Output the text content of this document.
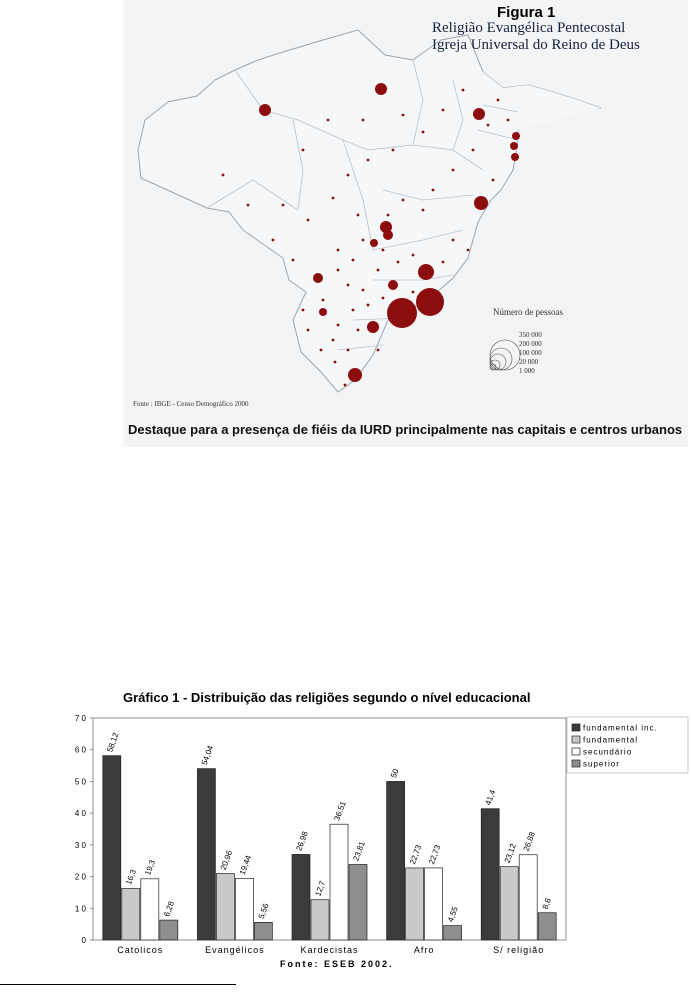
Figura 1
Religião Evangélica Pentecostal
Igreja Universal do Reino de Deus
Número de pessoas
350 000
200 000
100 000
20 000
1 000
Fonte : IBGE - Censo Demográfico 2000
Destaque para a presença de fiéis da IURD principalmente nas capitais e centros urbanos
Gráfico 1 - Distribuição das religiões segundo o nível educacional
0
1 0
2 0
3 0
4 0
5 0
6 0
7 0
58,12
16,3
19,3
6,28
Catolicos
54,04
20,96 19,44
5,56
Evangélicos
26,98
12,7
36,51
23,81
Kardecistas
50
22,73 22,73
4,55
Afro
41,4
23,12
26,88
8,6
S/ religião
fundamental inc.
fundamental
secundário
superior
Fonte: ESEB 2002.
